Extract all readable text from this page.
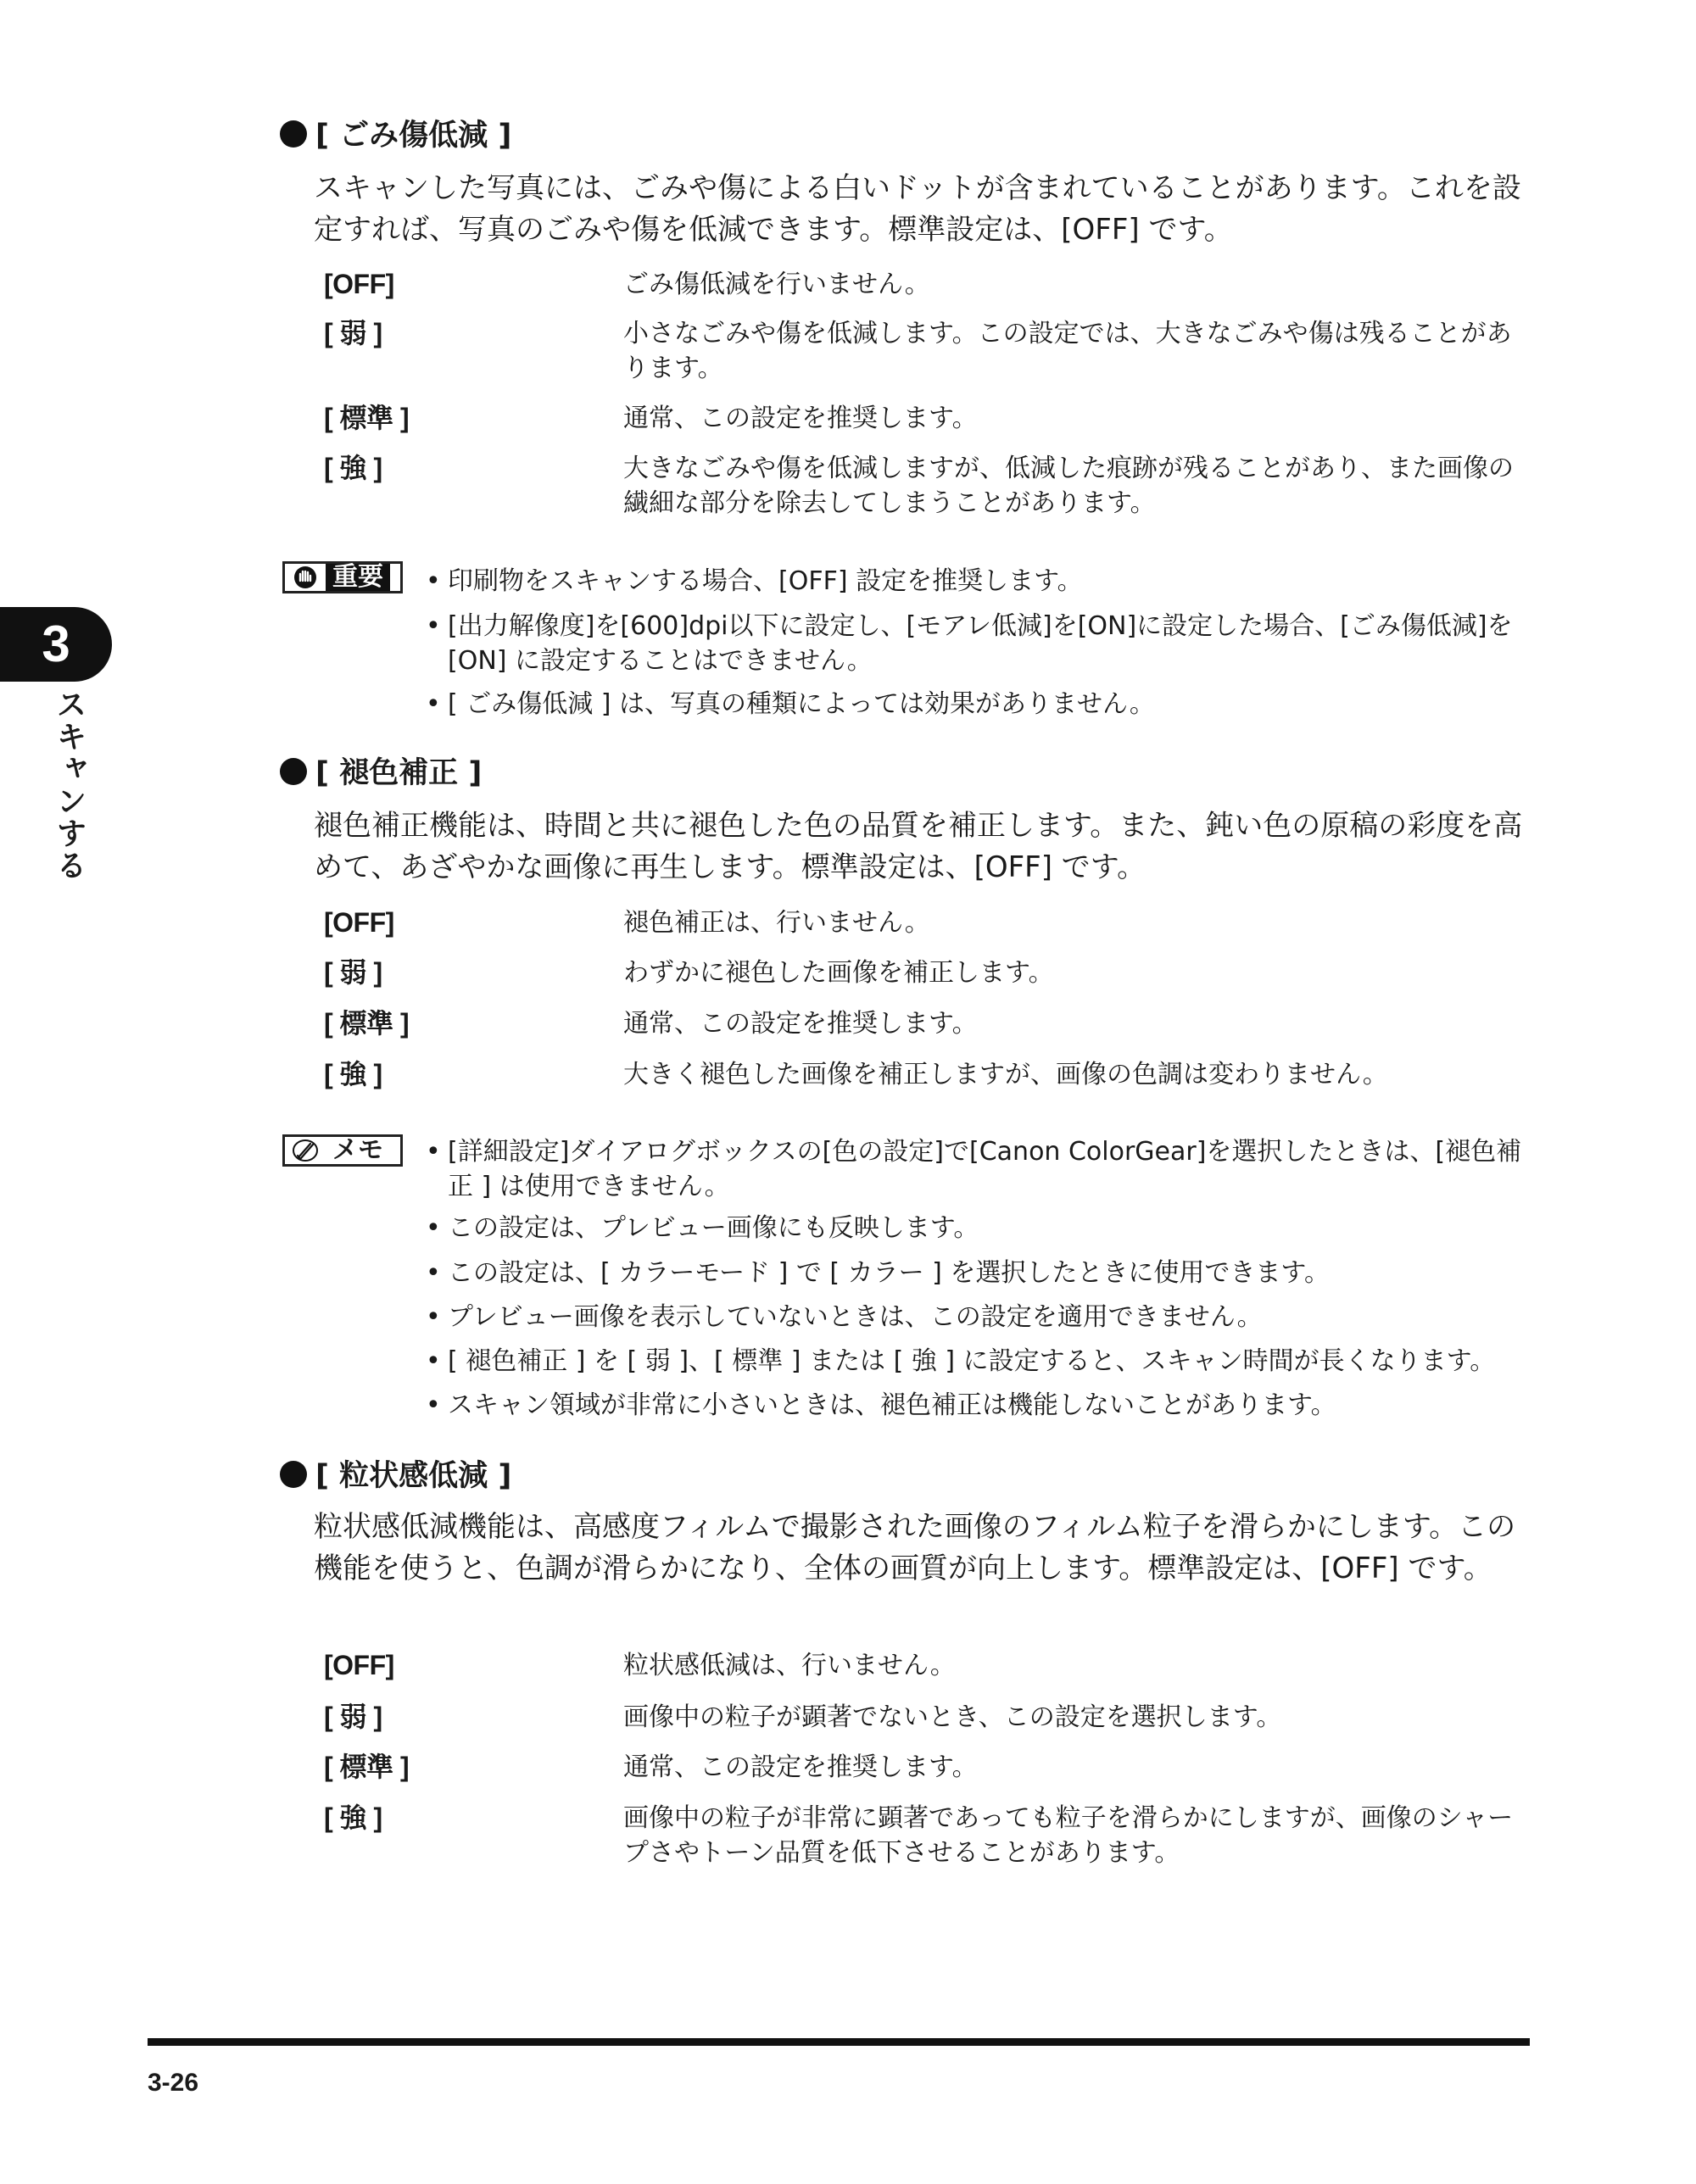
3
スキャンする
[ ごみ傷低減 ]
スキャンした写真には、ごみや傷による白いドットが含まれていることがあります。これを設定すれば、写真のごみや傷を低減できます。標準設定は、[OFF] です。
[OFF]	ごみ傷低減を行いません。
[ 弱 ]	小さなごみや傷を低減します。この設定では、大きなごみや傷は残ることがあります。
[ 標準 ]	通常、この設定を推奨します。
[ 強 ]	大きなごみや傷を低減しますが、低減した痕跡が残ることがあり、また画像の繊細な部分を除去してしまうことがあります。
重要	• 印刷物をスキャンする場合、[OFF] 設定を推奨します。
• [出力解像度]を[600]dpi以下に設定し、[モアレ低減]を[ON]に設定した場合、[ごみ傷低減]を [ON] に設定することはできません。
• [ ごみ傷低減 ] は、写真の種類によっては効果がありません。
[ 褪色補正 ]
褪色補正機能は、時間と共に褪色した色の品質を補正します。また、鈍い色の原稿の彩度を高めて、あざやかな画像に再生します。標準設定は、[OFF] です。
[OFF]	褪色補正は、行いません。
[ 弱 ]	わずかに褪色した画像を補正します。
[ 標準 ]	通常、この設定を推奨します。
[ 強 ]	大きく褪色した画像を補正しますが、画像の色調は変わりません。
メモ	• [詳細設定]ダイアログボックスの[色の設定]で[Canon ColorGear]を選択したときは、[褪色補正 ] は使用できません。
• この設定は、プレビュー画像にも反映します。
• この設定は、[ カラーモード ] で [ カラー ] を選択したときに使用できます。
• プレビュー画像を表示していないときは、この設定を適用できません。
• [ 褪色補正 ] を [ 弱 ]、[ 標準 ] または [ 強 ] に設定すると、スキャン時間が長くなります。
• スキャン領域が非常に小さいときは、褪色補正は機能しないことがあります。
[ 粒状感低減 ]
粒状感低減機能は、高感度フィルムで撮影された画像のフィルム粒子を滑らかにします。この機能を使うと、色調が滑らかになり、全体の画質が向上します。標準設定は、[OFF] です。
[OFF]	粒状感低減は、行いません。
[ 弱 ]	画像中の粒子が顕著でないとき、この設定を選択します。
[ 標準 ]	通常、この設定を推奨します。
[ 強 ]	画像中の粒子が非常に顕著であっても粒子を滑らかにしますが、画像のシャープさやトーン品質を低下させることがあります。
3-26
